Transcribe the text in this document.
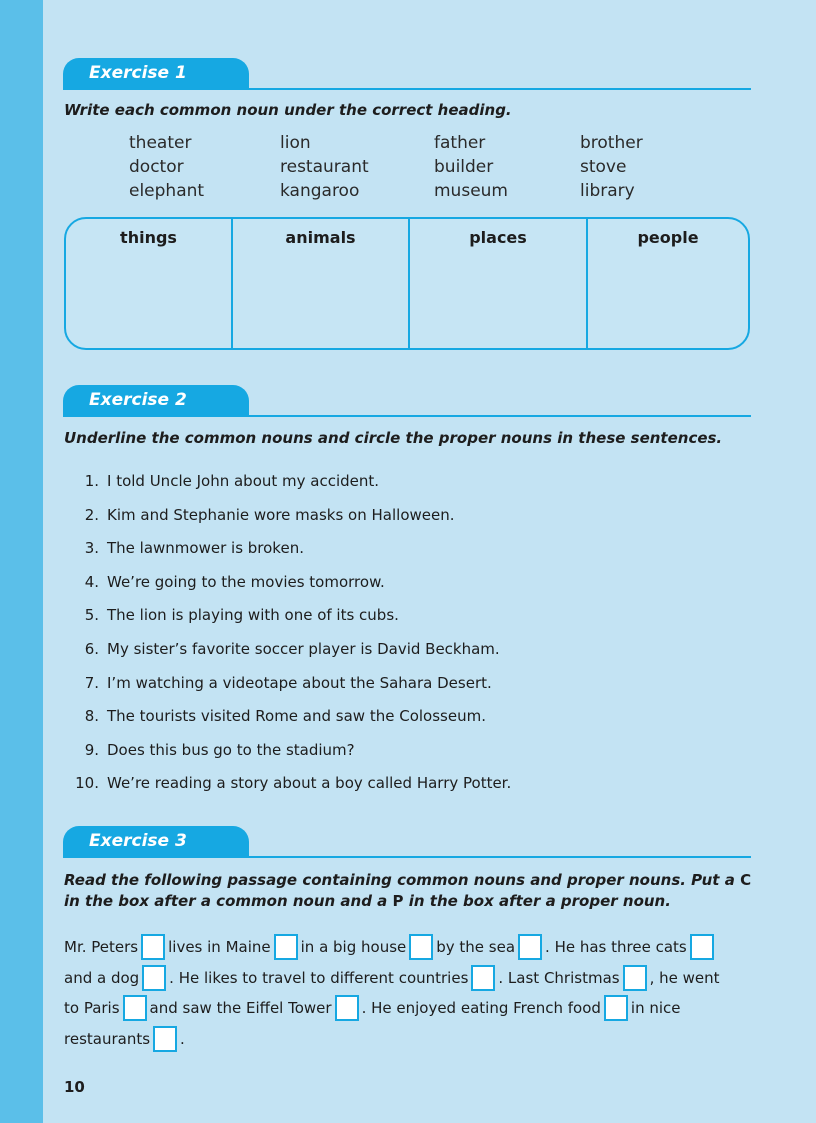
Exercise 1
Write each common noun under the correct heading.
theater	lion	father	brother
doctor	restaurant	builder	stove
elephant	kangaroo	museum	library
things	animals	places	people
Exercise 2
Underline the common nouns and circle the proper nouns in these sentences.
1. I told Uncle John about my accident.
2. Kim and Stephanie wore masks on Halloween.
3. The lawnmower is broken.
4. We’re going to the movies tomorrow.
5. The lion is playing with one of its cubs.
6. My sister’s favorite soccer player is David Beckham.
7. I’m watching a videotape about the Sahara Desert.
8. The tourists visited Rome and saw the Colosseum.
9. Does this bus go to the stadium?
10. We’re reading a story about a boy called Harry Potter.
Exercise 3
Read the following passage containing common nouns and proper nouns. Put a C in the box after a common noun and a P in the box after a proper noun.
Mr. Peters lives in Maine in a big house by the sea . He has three cats
and a dog . He likes to travel to different countries . Last Christmas , he went
to Paris and saw the Eiffel Tower . He enjoyed eating French food in nice
restaurants .
10
